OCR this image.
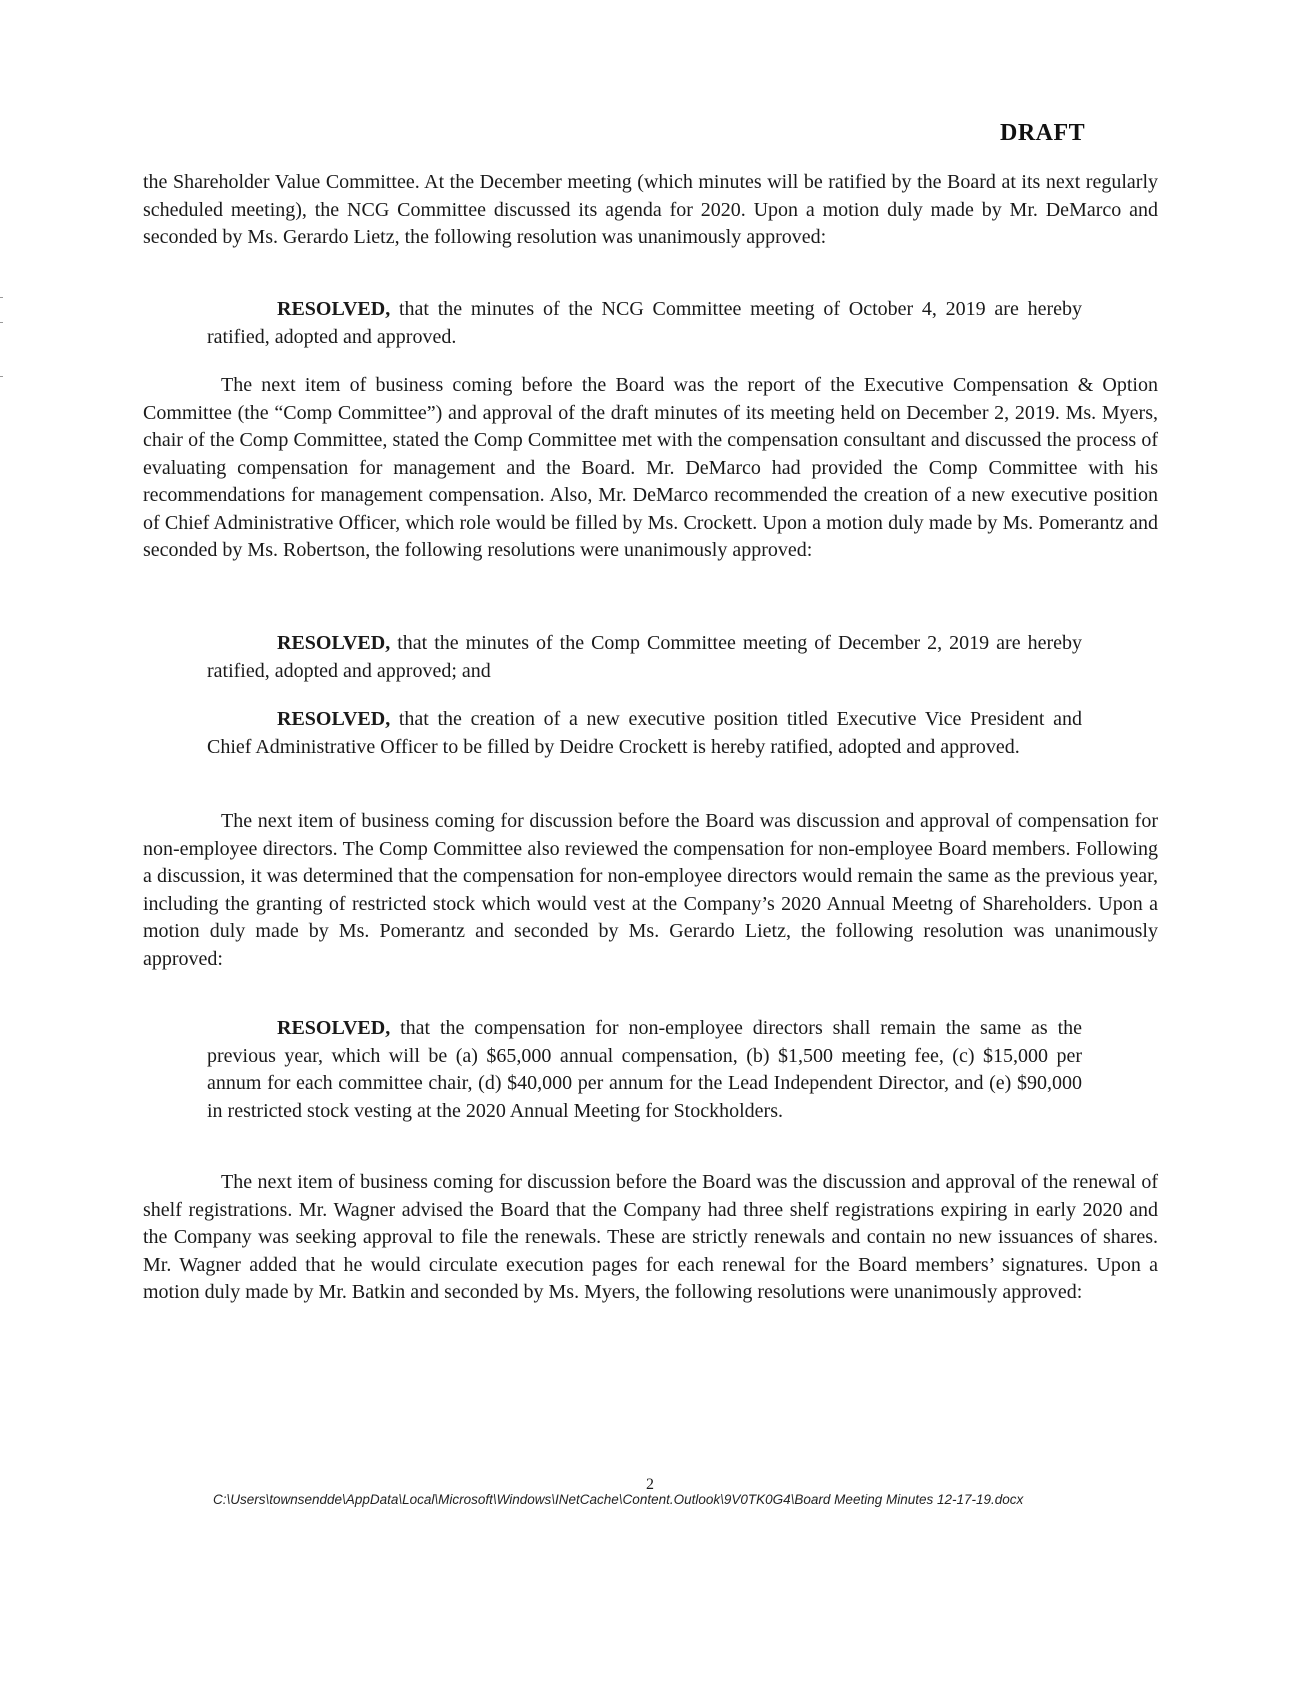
DRAFT

the Shareholder Value Committee. At the December meeting (which minutes will be ratified by the Board at its next regularly scheduled meeting), the NCG Committee discussed its agenda for 2020. Upon a motion duly made by Mr. DeMarco and seconded by Ms. Gerardo Lietz, the following resolution was unanimously approved:

RESOLVED, that the minutes of the NCG Committee meeting of October 4, 2019 are hereby ratified, adopted and approved.

The next item of business coming before the Board was the report of the Executive Compensation & Option Committee (the “Comp Committee”) and approval of the draft minutes of its meeting held on December 2, 2019. Ms. Myers, chair of the Comp Committee, stated the Comp Committee met with the compensation consultant and discussed the process of evaluating compensation for management and the Board. Mr. DeMarco had provided the Comp Committee with his recommendations for management compensation. Also, Mr. DeMarco recommended the creation of a new executive position of Chief Administrative Officer, which role would be filled by Ms. Crockett. Upon a motion duly made by Ms. Pomerantz and seconded by Ms. Robertson, the following resolutions were unanimously approved:

RESOLVED, that the minutes of the Comp Committee meeting of December 2, 2019 are hereby ratified, adopted and approved; and

RESOLVED, that the creation of a new executive position titled Executive Vice President and Chief Administrative Officer to be filled by Deidre Crockett is hereby ratified, adopted and approved.

The next item of business coming for discussion before the Board was discussion and approval of compensation for non-employee directors. The Comp Committee also reviewed the compensation for non-employee Board members. Following a discussion, it was determined that the compensation for non-employee directors would remain the same as the previous year, including the granting of restricted stock which would vest at the Company’s 2020 Annual Meetng of Shareholders. Upon a motion duly made by Ms. Pomerantz and seconded by Ms. Gerardo Lietz, the following resolution was unanimously approved:

RESOLVED, that the compensation for non-employee directors shall remain the same as the previous year, which will be (a) $65,000 annual compensation, (b) $1,500 meeting fee, (c) $15,000 per annum for each committee chair, (d) $40,000 per annum for the Lead Independent Director, and (e) $90,000 in restricted stock vesting at the 2020 Annual Meeting for Stockholders.

The next item of business coming for discussion before the Board was the discussion and approval of the renewal of shelf registrations. Mr. Wagner advised the Board that the Company had three shelf registrations expiring in early 2020 and the Company was seeking approval to file the renewals. These are strictly renewals and contain no new issuances of shares. Mr. Wagner added that he would circulate execution pages for each renewal for the Board members’ signatures. Upon a motion duly made by Mr. Batkin and seconded by Ms. Myers, the following resolutions were unanimously approved:

2
C:\Users\townsendde\AppData\Local\Microsoft\Windows\INetCache\Content.Outlook\9V0TK0G4\Board Meeting Minutes 12-17-19.docx
